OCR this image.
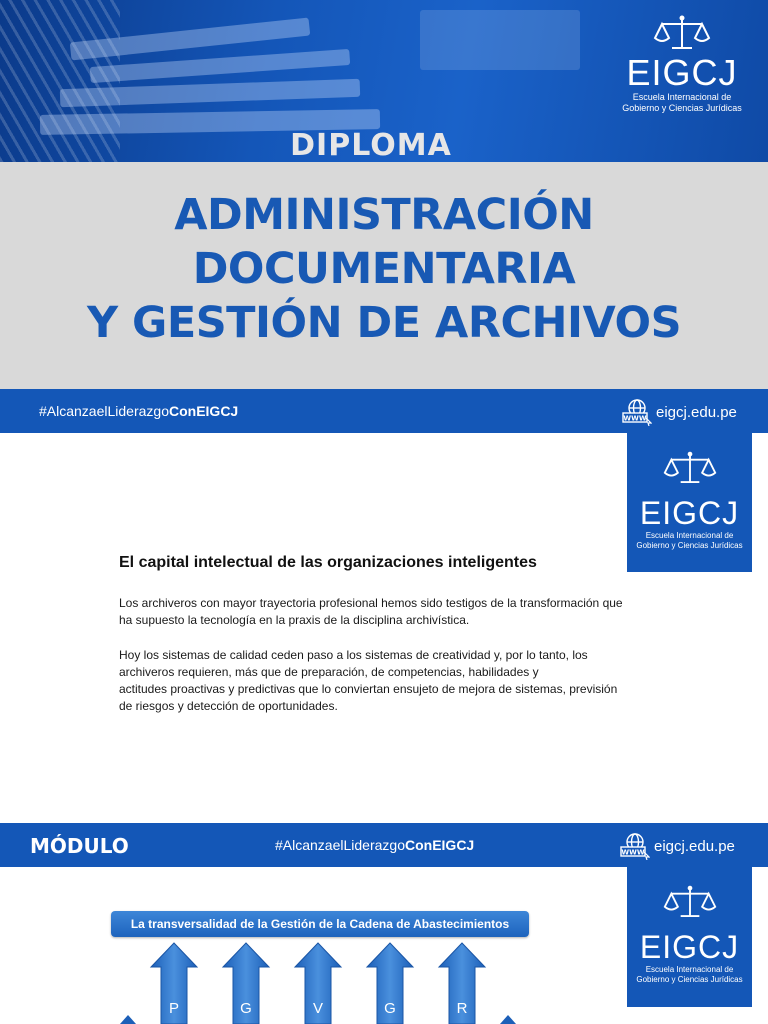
EIGCJ
Escuela Internacional de
Gobierno y Ciencias Jurídicas
DIPLOMA
ADMINISTRACIÓN
DOCUMENTARIA
Y GESTIÓN DE ARCHIVOS
#AlcanzaelLiderazgoConEIGCJ	WWW eigcj.edu.pe
EIGCJ
Escuela Internacional de
Gobierno y Ciencias Jurídicas
El capital intelectual de las organizaciones inteligentes

Los archiveros con mayor trayectoria profesional hemos sido testigos de la transformación que
ha supuesto la tecnología en la praxis de la disciplina archivística.

Hoy los sistemas de calidad ceden paso a los sistemas de creatividad y, por lo tanto, los
archiveros requieren, más que de preparación, de competencias, habilidades y
actitudes proactivas y predictivas que lo conviertan ensujeto de mejora de sistemas, previsión
de riesgos y detección de oportunidades.

MÓDULO	#AlcanzaelLiderazgoConEIGCJ	WWW eigcj.edu.pe
EIGCJ
Escuela Internacional de
Gobierno y Ciencias Jurídicas
La transversalidad de la Gestión de la Cadena de Abastecimientos
P	G	V	G	R
